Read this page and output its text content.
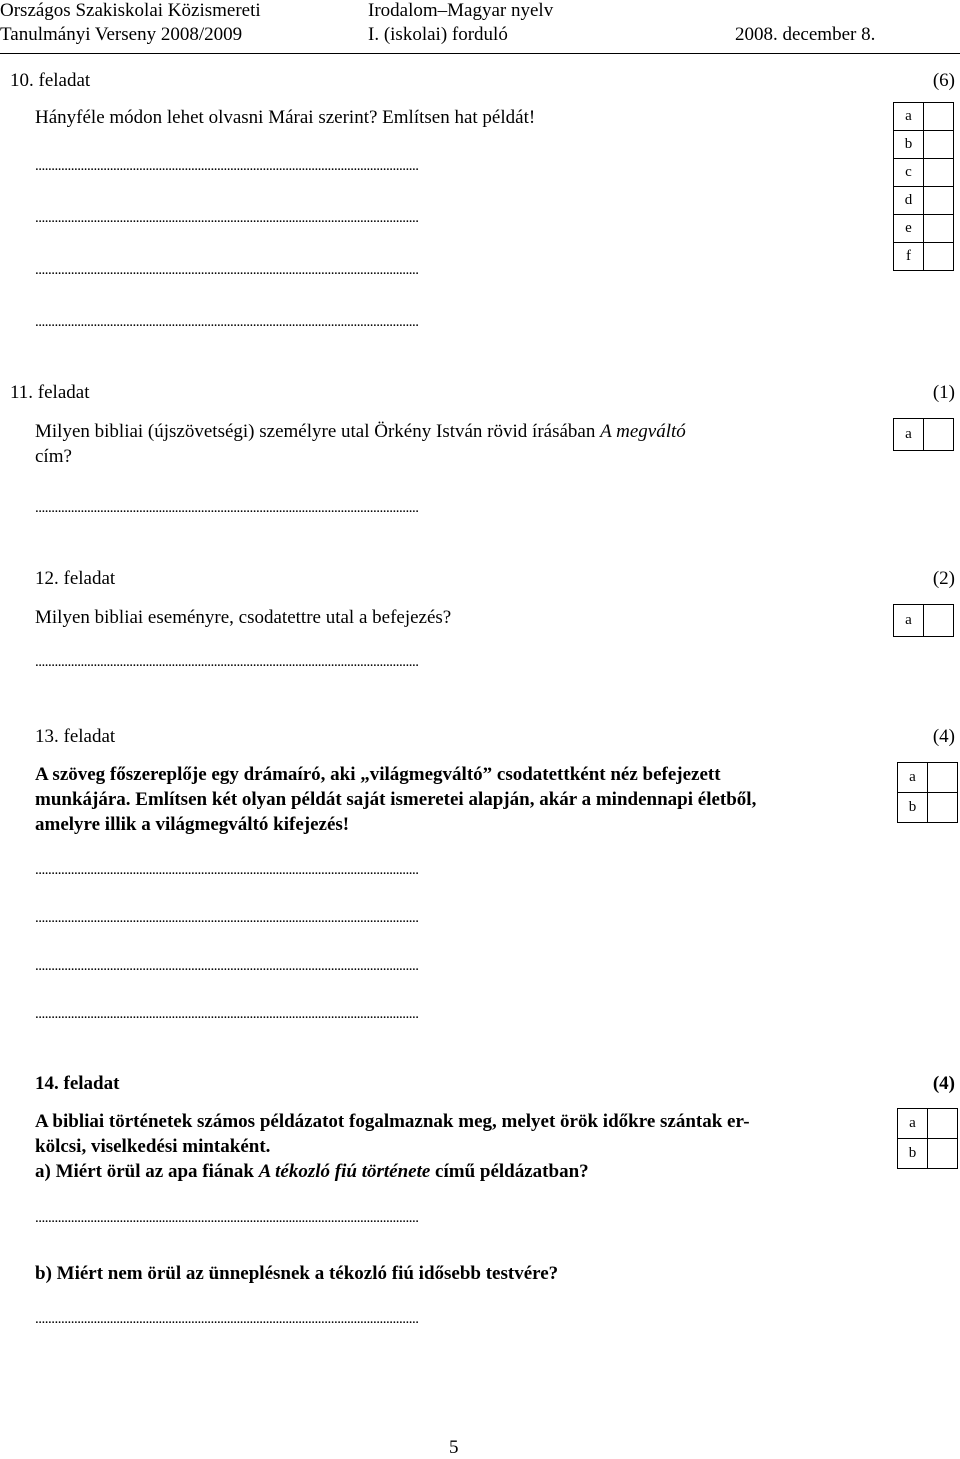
Országos Szakiskolai Közismereti
Tanulmányi Verseny 2008/2009
Irodalom–Magyar nyelv
I. (iskolai) forduló	2008. december 8.
10. feladat	(6)
Hányféle módon lehet olvasni Márai szerint? Említsen hat példát!
......................................................................................................................
......................................................................................................................
......................................................................................................................
......................................................................................................................
a	
b	
c	
d	
e	
f	
11. feladat	(1)
Milyen bibliai (újszövetségi) személyre utal Örkény István rövid írásában A megváltó
cím?
......................................................................................................................
a	
12. feladat	(2)
Milyen bibliai eseményre, csodatettre utal a befejezés?
......................................................................................................................
a	
13. feladat	(4)
A szöveg főszereplője egy drámaíró, aki „világmegváltó” csodatettként néz befejezett
munkájára. Említsen két olyan példát saját ismeretei alapján, akár a mindennapi életből,
amelyre illik a világmegváltó kifejezés!
......................................................................................................................
......................................................................................................................
......................................................................................................................
......................................................................................................................
a	
b	
14. feladat	(4)
A bibliai történetek számos példázatot fogalmaznak meg, melyet örök időkre szántak er-
kölcsi, viselkedési mintaként.
a) Miért örül az apa fiának A tékozló fiú története című példázatban?
......................................................................................................................
b) Miért nem örül az ünneplésnek a tékozló fiú idősebb testvére?
......................................................................................................................
a	
b	
5
